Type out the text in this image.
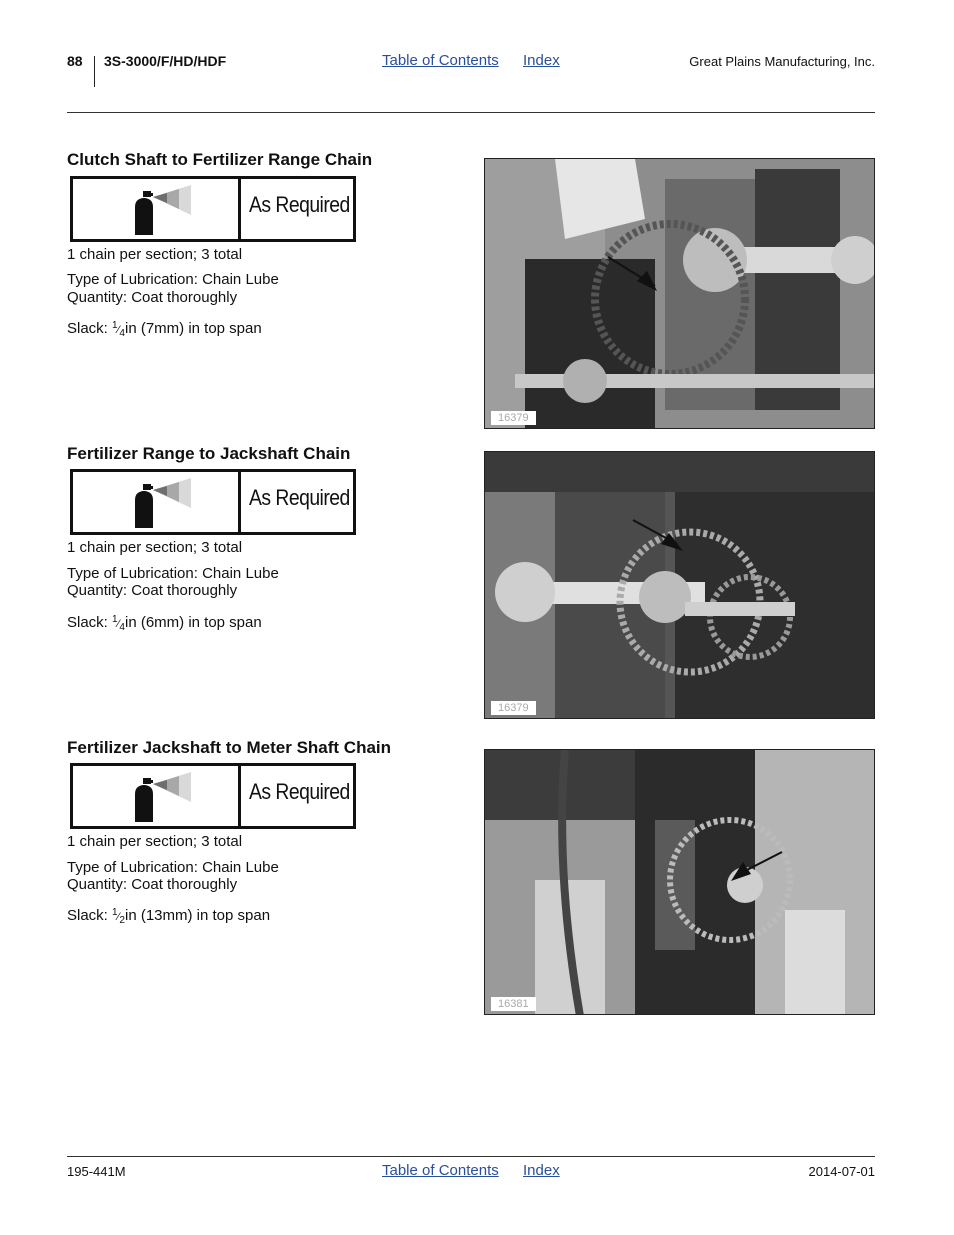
88 3S-3000/F/HD/HDF	Table of Contents Index	Great Plains Manufacturing, Inc.
Clutch Shaft to Fertilizer Range Chain
As Required
1 chain per section; 3 total
Type of Lubrication: Chain Lube
Quantity: Coat thoroughly
Slack: $^1⁄_4in$ (7mm) in top span
16379
Fertilizer Range to Jackshaft Chain
As Required
1 chain per section; 3 total
Type of Lubrication: Chain Lube
Quantity: Coat thoroughly
Slack: $^1⁄_4in$ (6mm) in top span
16379
Fertilizer Jackshaft to Meter Shaft Chain
As Required
1 chain per section; 3 total
Type of Lubrication: Chain Lube
Quantity: Coat thoroughly
Slack: $^1⁄_2in$ (13mm) in top span
16381
195-441M	Table of Contents Index	2014-07-01
